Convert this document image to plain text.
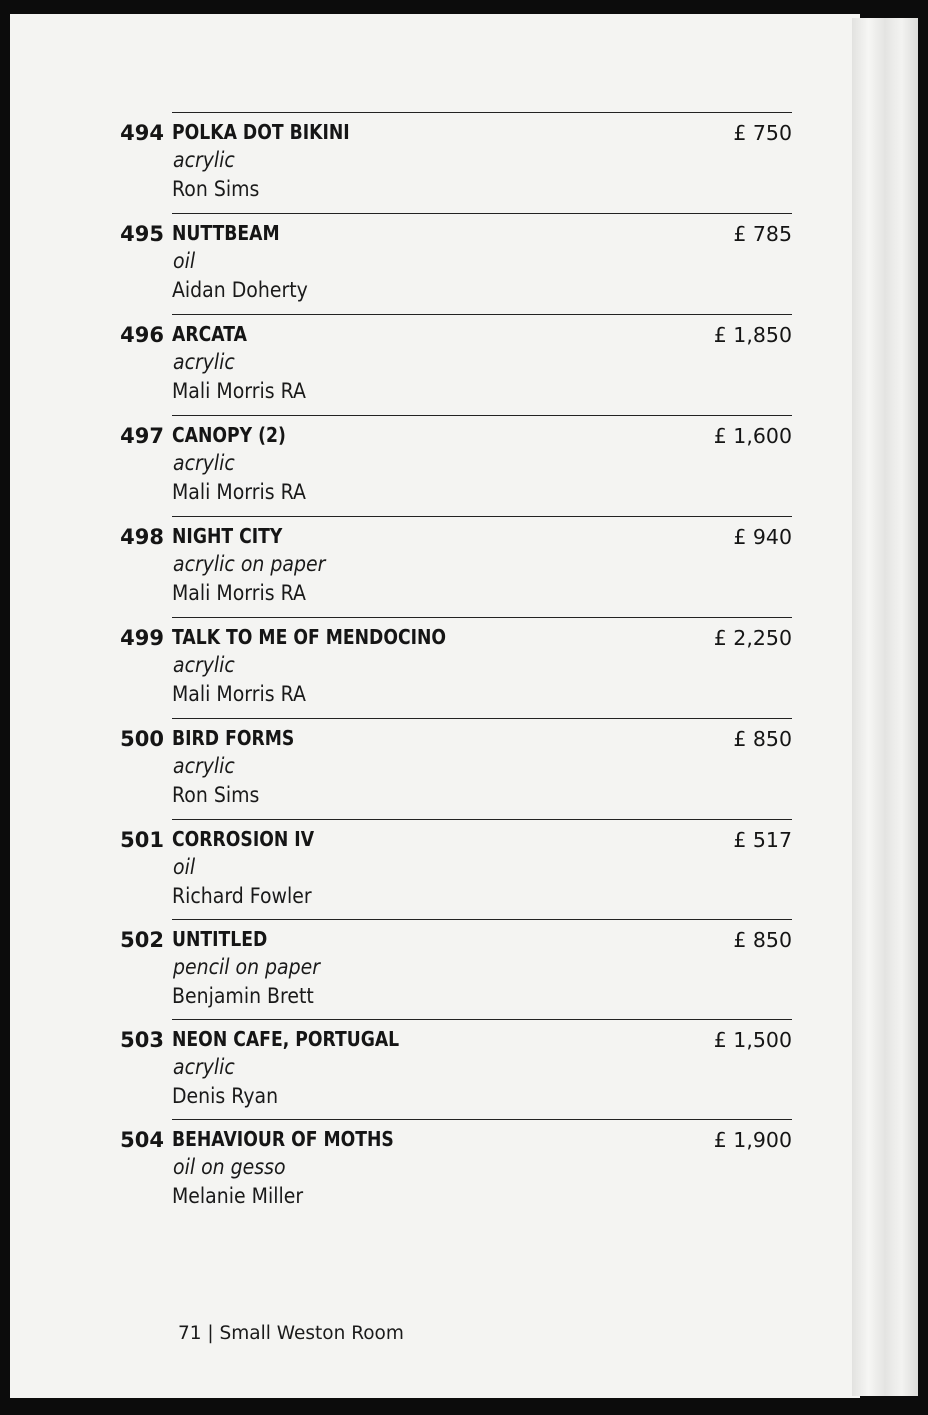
494 POLKA DOT BIKINI
acrylic
Ron Sims
£ 750
495 NUTTBEAM
oil
Aidan Doherty
£ 785
496 ARCATA
acrylic
Mali Morris RA
£ 1,850
497 CANOPY (2)
acrylic
Mali Morris RA
£ 1,600
498 NIGHT CITY
acrylic on paper
Mali Morris RA
£ 940
499 TALK TO ME OF MENDOCINO
acrylic
Mali Morris RA
£ 2,250
500 BIRD FORMS
acrylic
Ron Sims
£ 850
501 CORROSION IV
oil
Richard Fowler
£ 517
502 UNTITLED
pencil on paper
Benjamin Brett
£ 850
503 NEON CAFE, PORTUGAL
acrylic
Denis Ryan
£ 1,500
504 BEHAVIOUR OF MOTHS
oil on gesso
Melanie Miller
£ 1,900
71 | Small Weston Room
